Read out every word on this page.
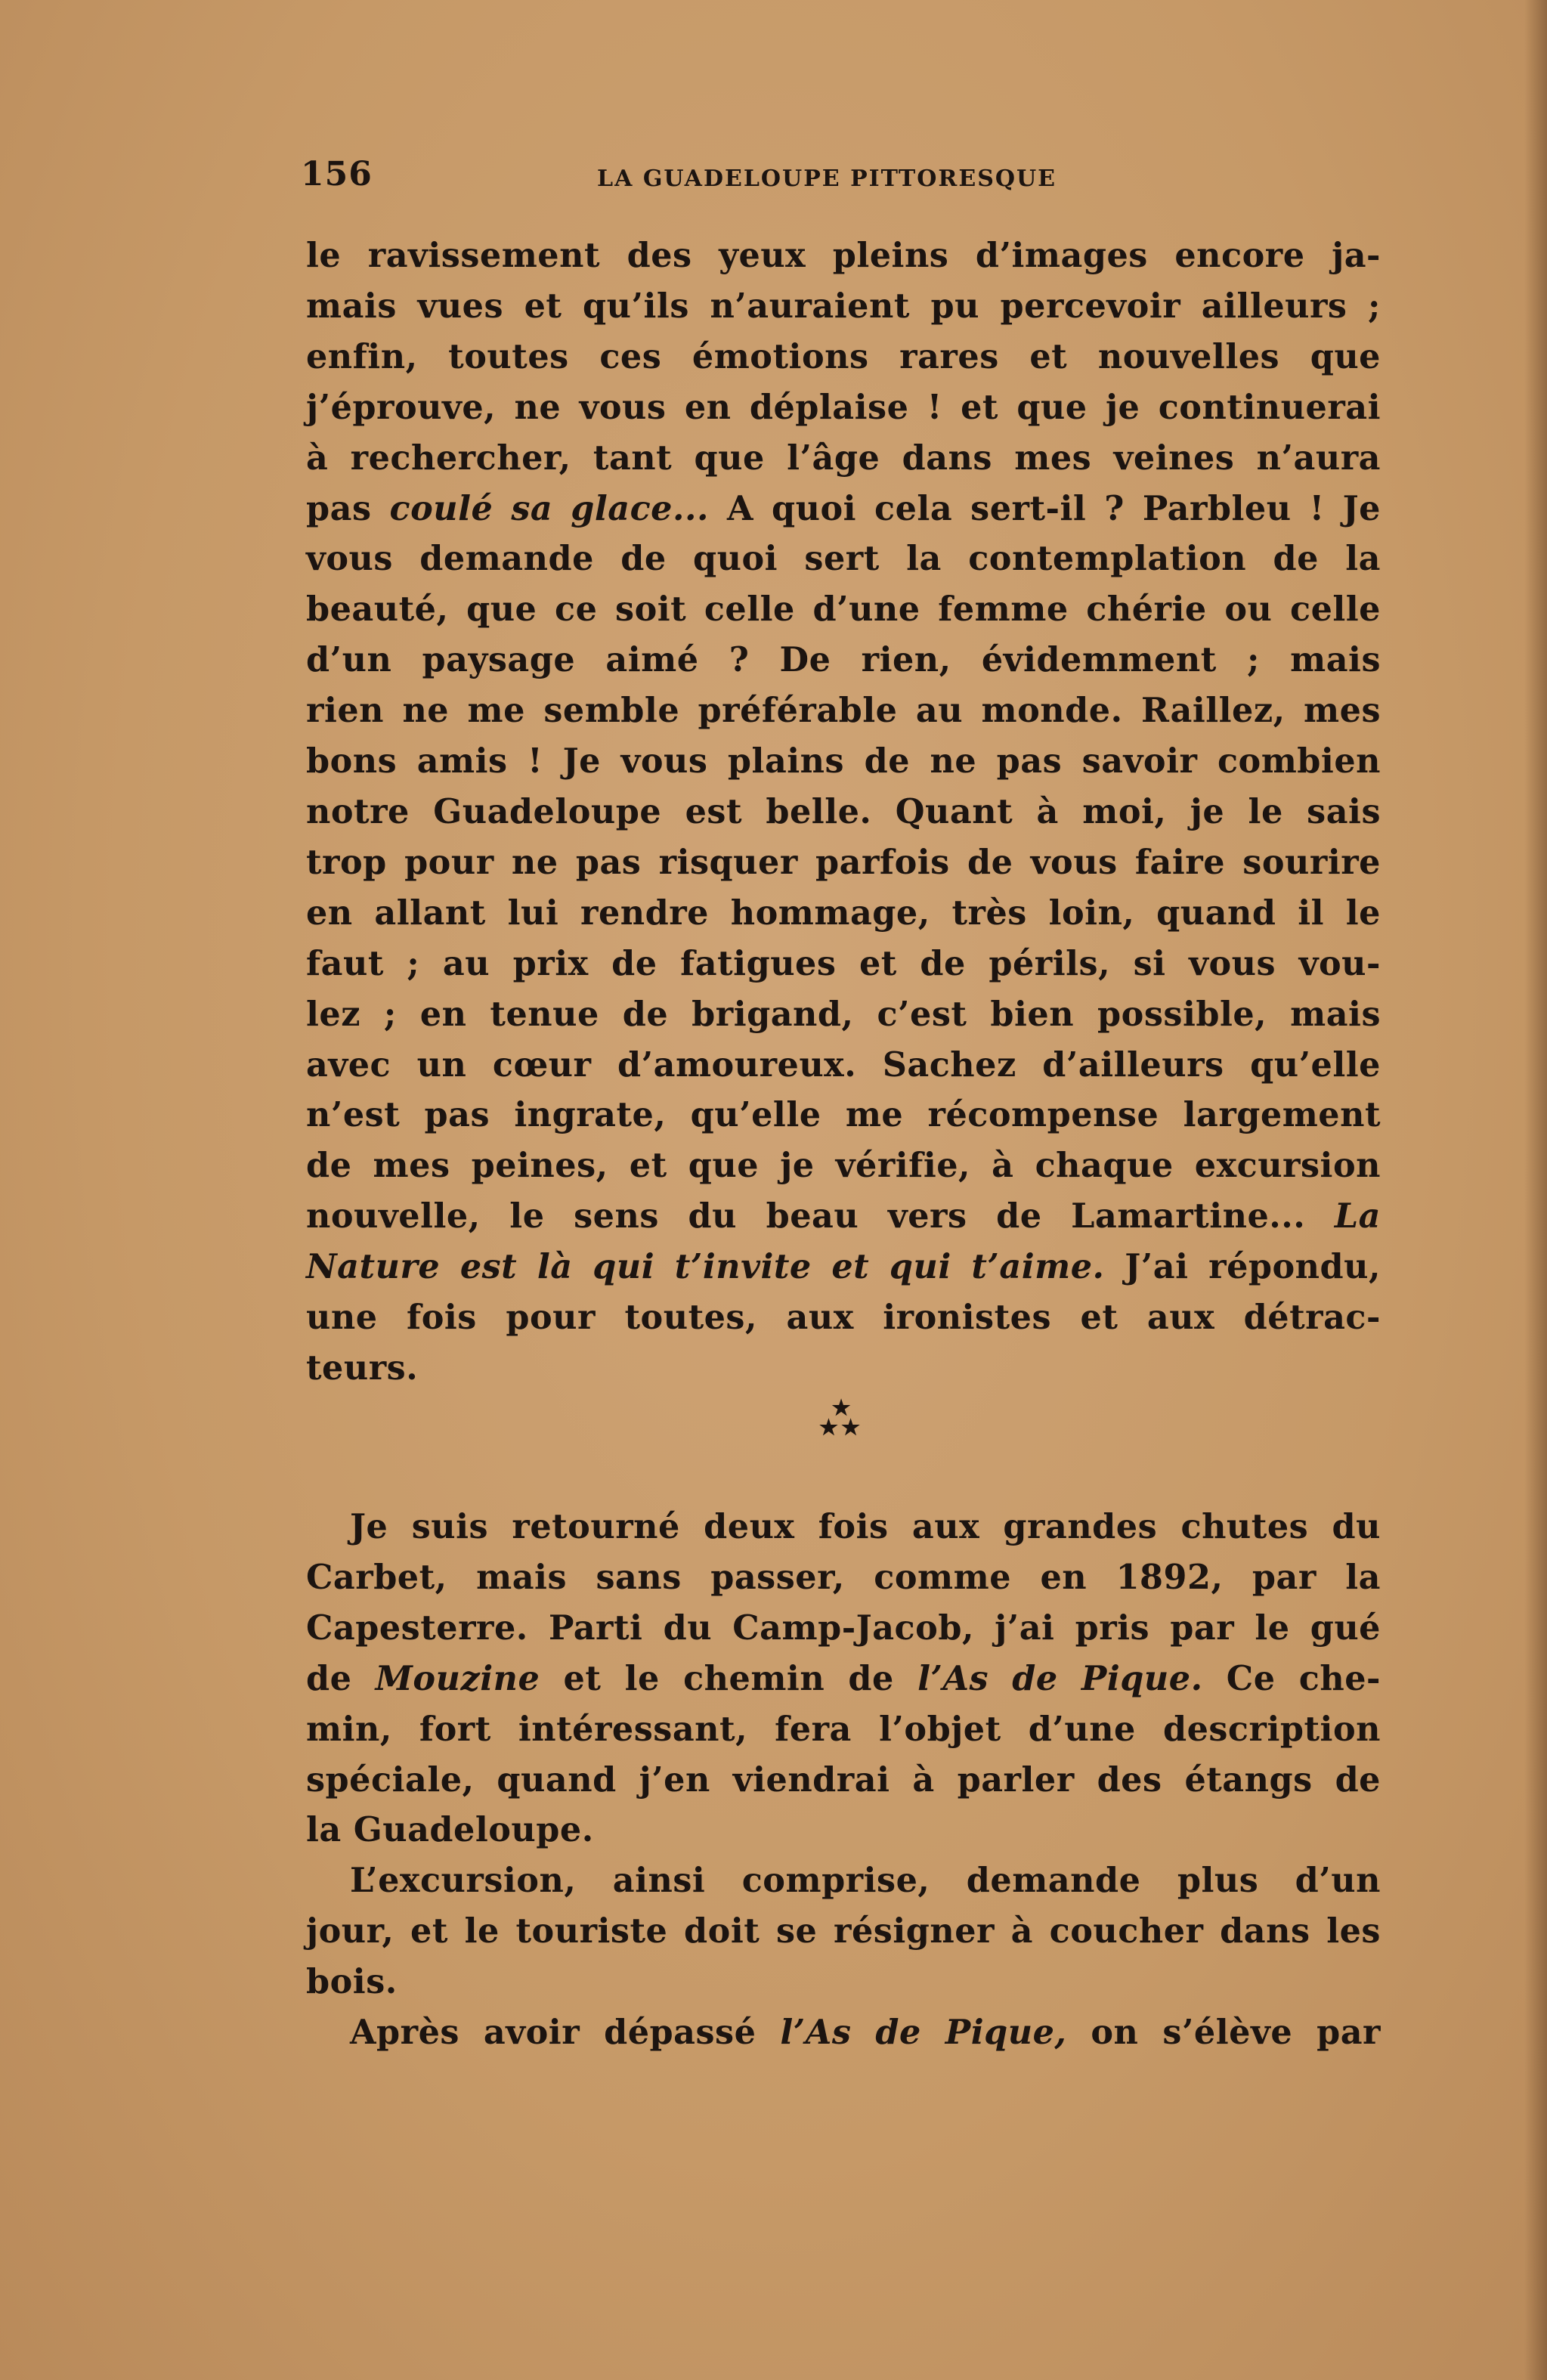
156	LA GUADELOUPE PITTORESQUE
le ravissement des yeux pleins d’images encore ja-
mais vues et qu’ils n’auraient pu percevoir ailleurs ;
enfin, toutes ces émotions rares et nouvelles que
j’éprouve, ne vous en déplaise ! et que je continuerai
à rechercher, tant que l’âge dans mes veines n’aura
pas coulé sa glace... A quoi cela sert-il ? Parbleu ! Je
vous demande de quoi sert la contemplation de la
beauté, que ce soit celle d’une femme chérie ou celle
d’un paysage aimé ? De rien, évidemment ; mais
rien ne me semble préférable au monde. Raillez, mes
bons amis ! Je vous plains de ne pas savoir combien
notre Guadeloupe est belle. Quant à moi, je le sais
trop pour ne pas risquer parfois de vous faire sourire
en allant lui rendre hommage, très loin, quand il le
faut ; au prix de fatigues et de périls, si vous vou-
lez ; en tenue de brigand, c’est bien possible, mais
avec un cœur d’amoureux. Sachez d’ailleurs qu’elle
n’est pas ingrate, qu’elle me récompense largement
de mes peines, et que je vérifie, à chaque excursion
nouvelle, le sens du beau vers de Lamartine... La
Nature est là qui t’invite et qui t’aime. J’ai répondu,
une fois pour toutes, aux ironistes et aux détrac-
teurs.
★
★★
Je suis retourné deux fois aux grandes chutes du
Carbet, mais sans passer, comme en 1892, par la
Capesterre. Parti du Camp-Jacob, j’ai pris par le gué
de Mouzine et le chemin de l’As de Pique. Ce che-
min, fort intéressant, fera l’objet d’une description
spéciale, quand j’en viendrai à parler des étangs de
la Guadeloupe.
L’excursion, ainsi comprise, demande plus d’un
jour, et le touriste doit se résigner à coucher dans les
bois.
Après avoir dépassé l’As de Pique, on s’élève par
